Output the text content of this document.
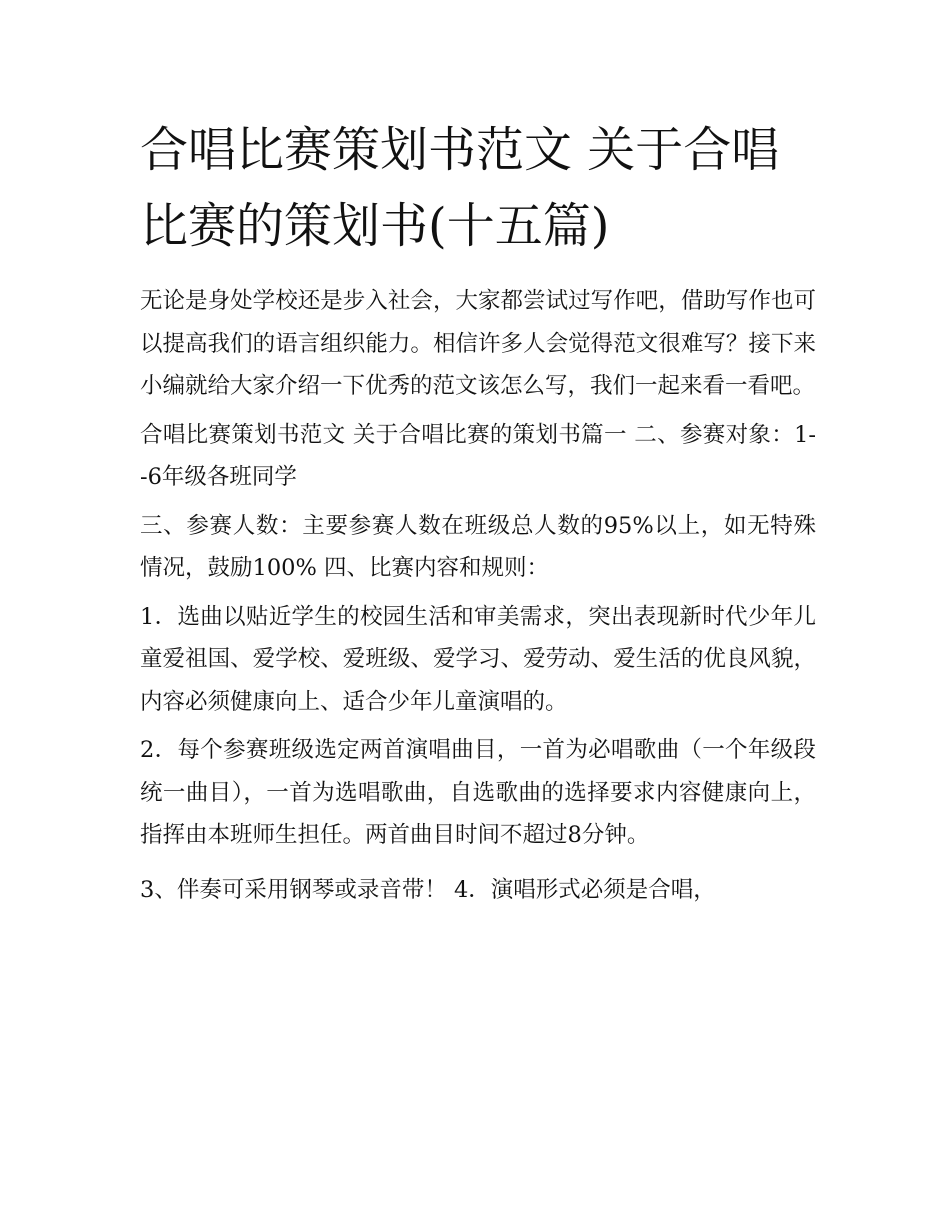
合唱比赛策划书范文 关于合唱比赛的策划书(十五篇)

无论是身处学校还是步入社会，大家都尝试过写作吧，借助写作也可以提高我们的语言组织能力。相信许多人会觉得范文很难写？接下来小编就给大家介绍一下优秀的范文该怎么写，我们一起来看一看吧。

合唱比赛策划书范文 关于合唱比赛的策划书篇一 二、参赛对象：1--6年级各班同学

三、参赛人数：主要参赛人数在班级总人数的95%以上，如无特殊情况，鼓励100% 四、比赛内容和规则：

1．选曲以贴近学生的校园生活和审美需求，突出表现新时代少年儿童爱祖国、爱学校、爱班级、爱学习、爱劳动、爱生活的优良风貌，内容必须健康向上、适合少年儿童演唱的。

2．每个参赛班级选定两首演唱曲目，一首为必唱歌曲（一个年级段统一曲目），一首为选唱歌曲，自选歌曲的选择要求内容健康向上，指挥由本班师生担任。两首曲目时间不超过8分钟。

3、伴奏可采用钢琴或录音带！ 4．演唱形式必须是合唱，
